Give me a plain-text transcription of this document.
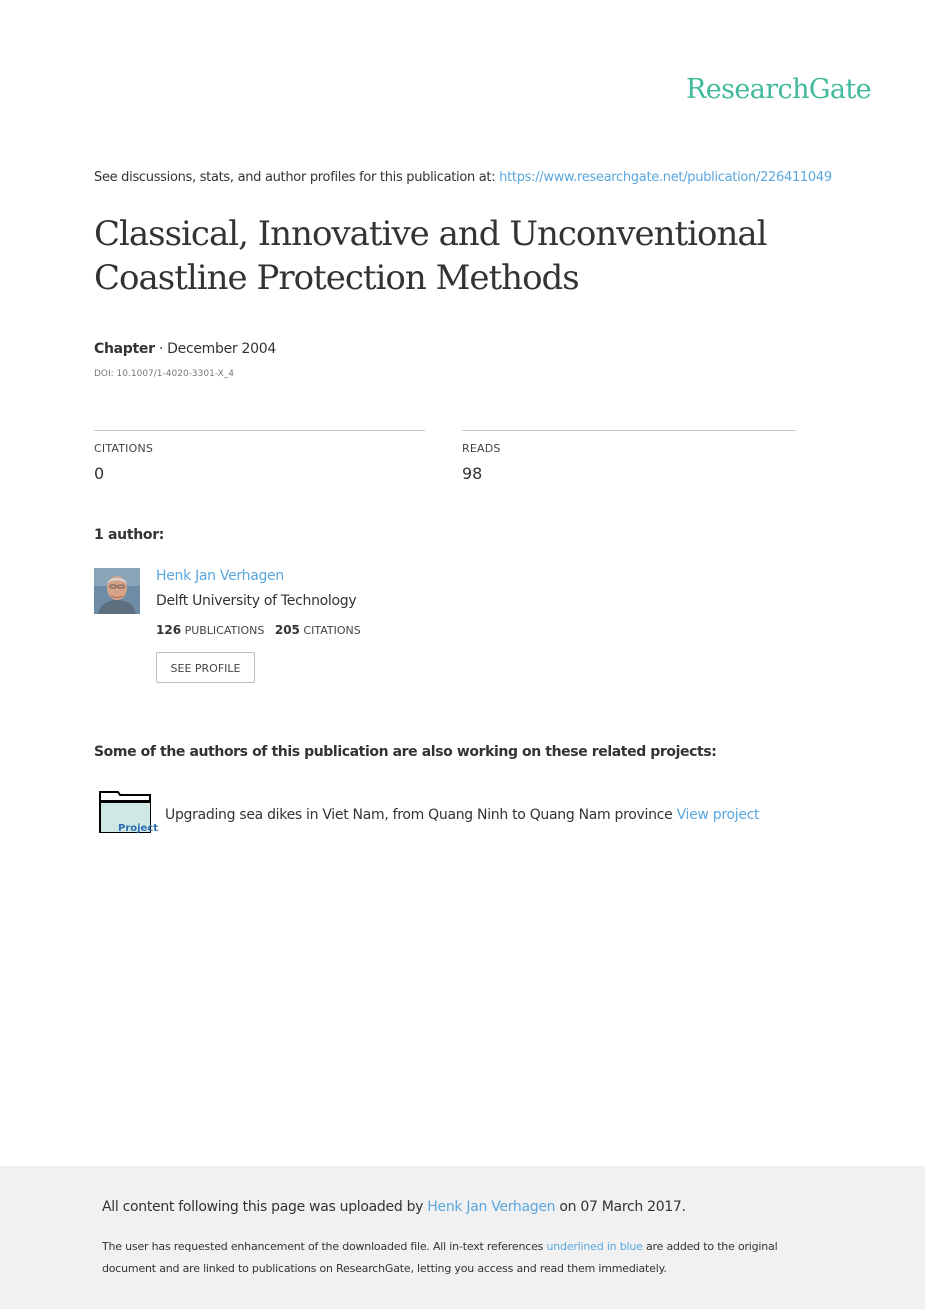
ResearchGate
See discussions, stats, and author profiles for this publication at: https://www.researchgate.net/publication/226411049
Classical, Innovative and Unconventional Coastline Protection Methods
Chapter · December 2004
DOI: 10.1007/1-4020-3301-X_4
CITATIONS
0
READS
98
1 author:
Henk Jan Verhagen
Delft University of Technology
126 PUBLICATIONS 205 CITATIONS
SEE PROFILE
Some of the authors of this publication are also working on these related projects:
Project
Upgrading sea dikes in Viet Nam, from Quang Ninh to Quang Nam province View project
All content following this page was uploaded by Henk Jan Verhagen on 07 March 2017.
The user has requested enhancement of the downloaded file. All in-text references underlined in blue are added to the original document and are linked to publications on ResearchGate, letting you access and read them immediately.
